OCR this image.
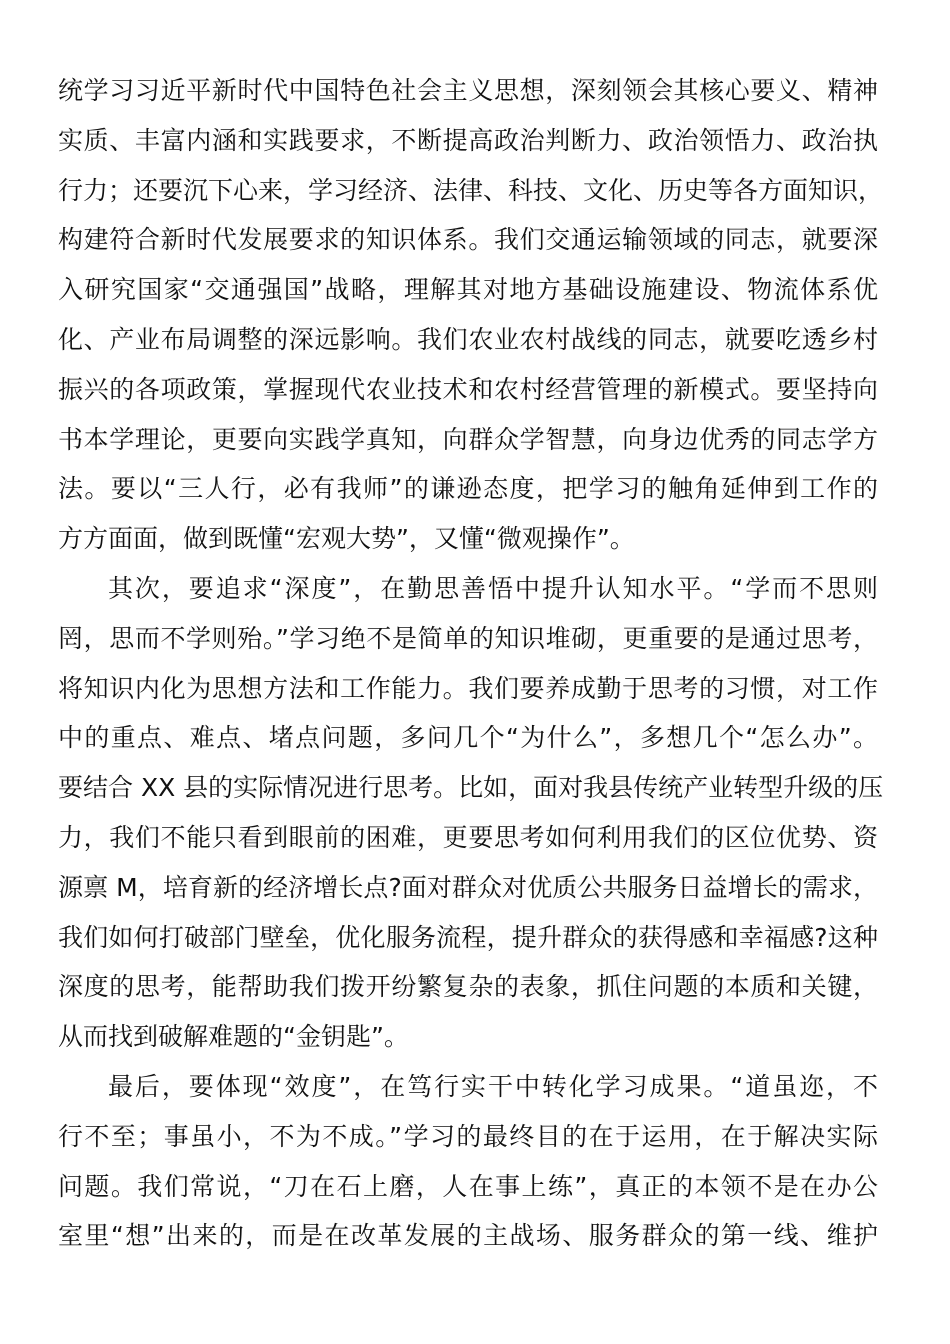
统学习习近平新时代中国特色社会主义思想，深刻领会其核心要义、精神
实质、丰富内涵和实践要求，不断提高政治判断力、政治领悟力、政治执
行力；还要沉下心来，学习经济、法律、科技、文化、历史等各方面知识，
构建符合新时代发展要求的知识体系。我们交通运输领域的同志，就要深
入研究国家“交通强国”战略，理解其对地方基础设施建设、物流体系优
化、产业布局调整的深远影响。我们农业农村战线的同志，就要吃透乡村
振兴的各项政策，掌握现代农业技术和农村经营管理的新模式。要坚持向
书本学理论，更要向实践学真知，向群众学智慧，向身边优秀的同志学方
法。要以“三人行，必有我师”的谦逊态度，把学习的触角延伸到工作的
方方面面，做到既懂“宏观大势”，又懂“微观操作”。
其次，要追求“深度”，在勤思善悟中提升认知水平。“学而不思则
罔，思而不学则殆。”学习绝不是简单的知识堆砌，更重要的是通过思考，
将知识内化为思想方法和工作能力。我们要养成勤于思考的习惯，对工作
中的重点、难点、堵点问题，多问几个“为什么”，多想几个“怎么办”。
要结合 XX 县的实际情况进行思考。比如，面对我县传统产业转型升级的压
力，我们不能只看到眼前的困难，更要思考如何利用我们的区位优势、资
源禀 M，培育新的经济增长点?面对群众对优质公共服务日益增长的需求，
我们如何打破部门壁垒，优化服务流程，提升群众的获得感和幸福感?这种
深度的思考，能帮助我们拨开纷繁复杂的表象，抓住问题的本质和关键，
从而找到破解难题的“金钥匙”。
最后，要体现“效度”，在笃行实干中转化学习成果。“道虽迩，不
行不至；事虽小，不为不成。”学习的最终目的在于运用，在于解决实际
问题。我们常说，“刀在石上磨，人在事上练”，真正的本领不是在办公
室里“想”出来的，而是在改革发展的主战场、服务群众的第一线、维护
